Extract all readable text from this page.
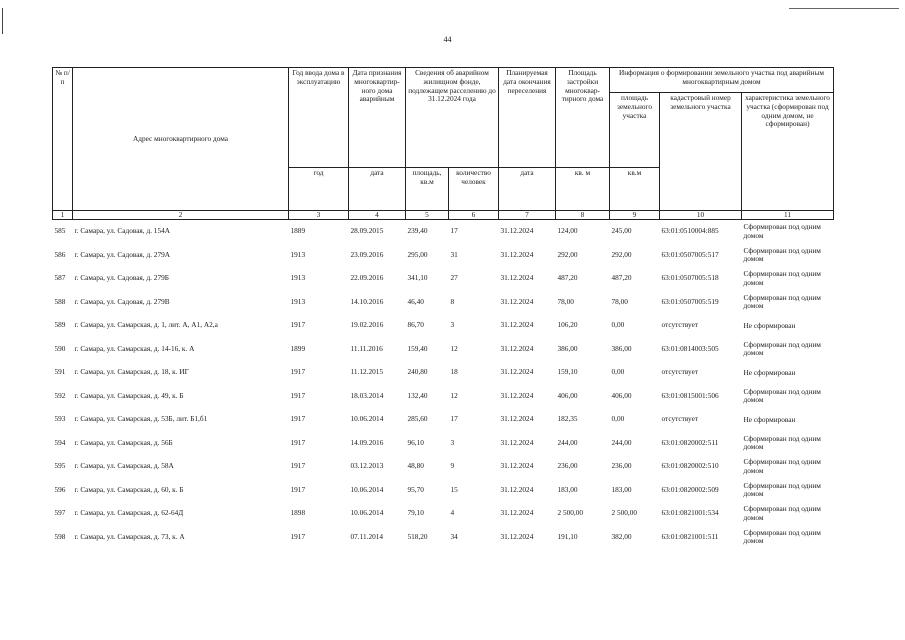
44
№ п/п	Адрес многоквартирного дома	Год ввода дома в эксплуатацию	Дата признания многоквартир- ного дома аварийным	Сведения об аварийном жилищном фонде, подлежащем расселению до 31.12.2024 года		Планируемая дата окончания переселения	Площадь застройки многоквар- тирного дома	Информация о формировании земельного участка под аварийным многоквартирным домом		
								площадь земельного участка	кадастровый номер земельного участка	характеристика земельного участка (сформирован под одним домом, не сформирован)
		год	дата	площадь, кв.м	количество человек	дата	кв. м	кв.м		
1	2	3	4	5	6	7	8	9	10	11
585	г. Самара, ул. Садовая, д. 154А	1889	28.09.2015	239,40	17	31.12.2024	124,00	245,00	63:01:0510004:885	Сформирован под одним домом
586	г. Самара, ул. Садовая, д. 279А	1913	23.09.2016	295,00	31	31.12.2024	292,00	292,00	63:01:0507005:517	Сформирован под одним домом
587	г. Самара, ул. Садовая, д. 279Б	1913	22.09.2016	341,10	27	31.12.2024	487,20	487,20	63:01:0507005:518	Сформирован под одним домом
588	г. Самара, ул. Садовая, д. 279В	1913	14.10.2016	46,40	8	31.12.2024	78,00	78,00	63:01:0507005:519	Сформирован под одним домом
589	г. Самара, ул. Самарская, д. 1, лит. А, А1, А2,а	1917	19.02.2016	86,70	3	31.12.2024	106,20	0,00	отсутствует	Не сформирован
590	г. Самара, ул. Самарская, д. 14-16, к. А	1899	11.11.2016	159,40	12	31.12.2024	386,00	386,00	63:01:0814003:505	Сформирован под одним домом
591	г. Самара, ул. Самарская, д. 18, к. ИГ	1917	11.12.2015	240,80	18	31.12.2024	159,10	0,00	отсутствует	Не сформирован
592	г. Самара, ул. Самарская, д. 49, к. Б	1917	18.03.2014	132,40	12	31.12.2024	406,00	406,00	63:01:0815001:506	Сформирован под одним домом
593	г. Самара, ул. Самарская, д. 53Б, лит. Б1,б1	1917	10.06.2014	285,60	17	31.12.2024	182,35	0,00	отсутствует	Не сформирован
594	г. Самара, ул. Самарская, д. 56Б	1917	14.09.2016	96,10	3	31.12.2024	244,00	244,00	63:01:0820002:511	Сформирован под одним домом
595	г. Самара, ул. Самарская, д. 58А	1917	03.12.2013	48,80	9	31.12.2024	236,00	236,00	63:01:0820002:510	Сформирован под одним домом
596	г. Самара, ул. Самарская, д. 60, к. Б	1917	10.06.2014	95,70	15	31.12.2024	183,00	183,00	63:01:0820002:509	Сформирован под одним домом
597	г. Самара, ул. Самарская, д. 62-64Д	1898	10.06.2014	79,10	4	31.12.2024	2 500,00	2 500,00	63:01:0821001:534	Сформирован под одним домом
598	г. Самара, ул. Самарская, д. 73, к. А	1917	07.11.2014	518,20	34	31.12.2024	191,10	382,00	63:01:0821001:511	Сформирован под одним домом
